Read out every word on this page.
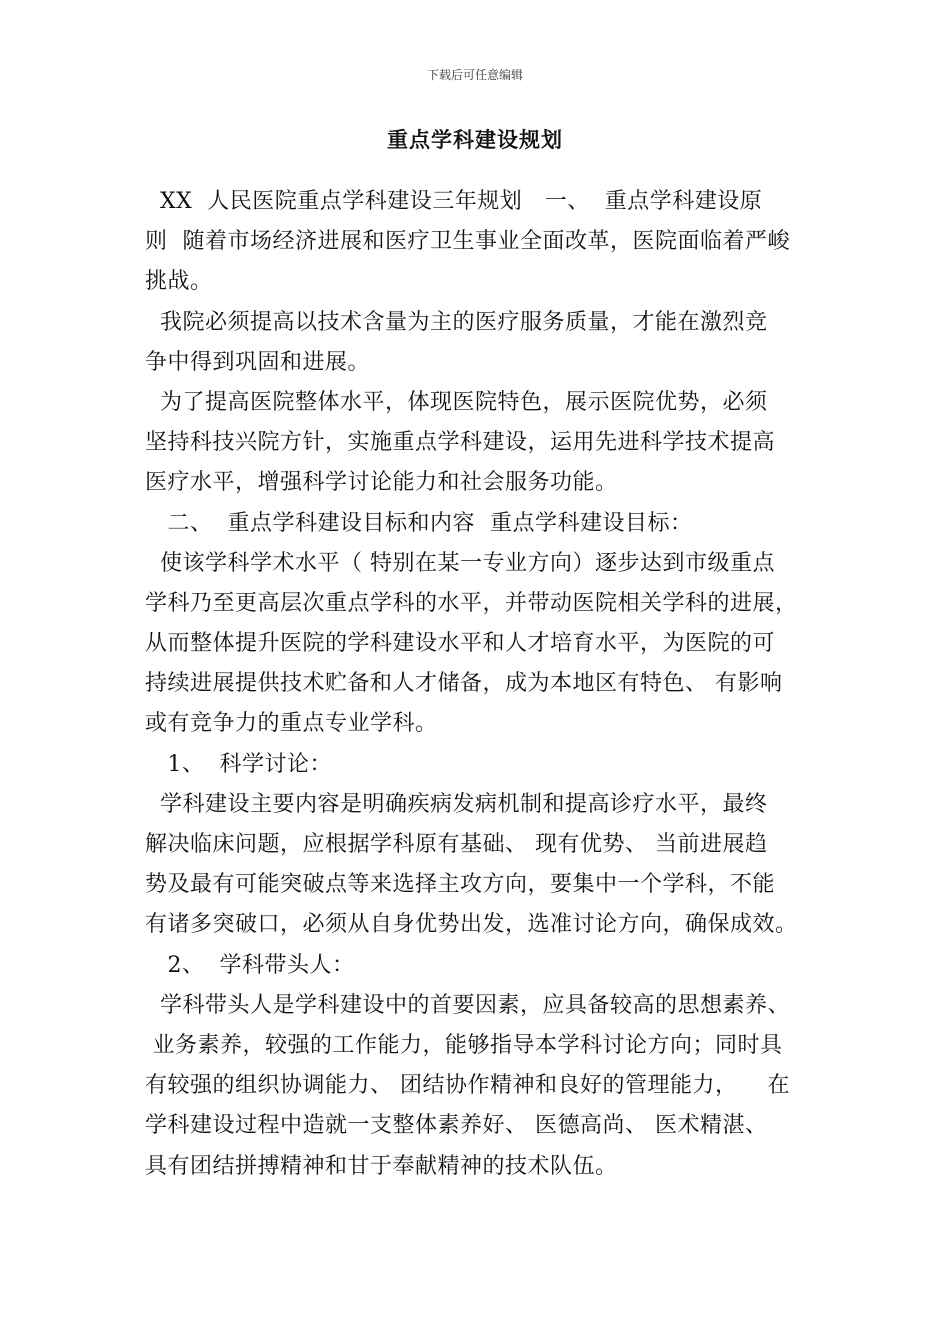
下载后可任意编辑
重点学科建设规划
XX  人民医院重点学科建设三年规划   一、  重点学科建设原
则  随着市场经济进展和医疗卫生事业全面改革，医院面临着严峻
挑战。
我院必须提高以技术含量为主的医疗服务质量，才能在激烈竞
争中得到巩固和进展。
为了提高医院整体水平，体现医院特色，展示医院优势，必须
坚持科技兴院方针，实施重点学科建设，运用先进科学技术提高
医疗水平，增强科学讨论能力和社会服务功能。
二、  重点学科建设目标和内容  重点学科建设目标：
使该学科学术水平（ 特别在某一专业方向）逐步达到市级重点
学科乃至更高层次重点学科的水平，并带动医院相关学科的进展，
从而整体提升医院的学科建设水平和人才培育水平，为医院的可
持续进展提供技术贮备和人才储备，成为本地区有特色、 有影响
或有竞争力的重点专业学科。
1、  科学讨论：
学科建设主要内容是明确疾病发病机制和提高诊疗水平，最终
解决临床问题，应根据学科原有基础、 现有优势、 当前进展趋
势及最有可能突破点等来选择主攻方向，要集中一个学科，不能
有诸多突破口，必须从自身优势出发，选准讨论方向，确保成效。
2、  学科带头人：
学科带头人是学科建设中的首要因素，应具备较高的思想素养、
业务素养，较强的工作能力，能够指导本学科讨论方向；同时具
有较强的组织协调能力、 团结协作精神和良好的管理能力，    在
学科建设过程中造就一支整体素养好、 医德高尚、 医术精湛、
具有团结拼搏精神和甘于奉献精神的技术队伍。
